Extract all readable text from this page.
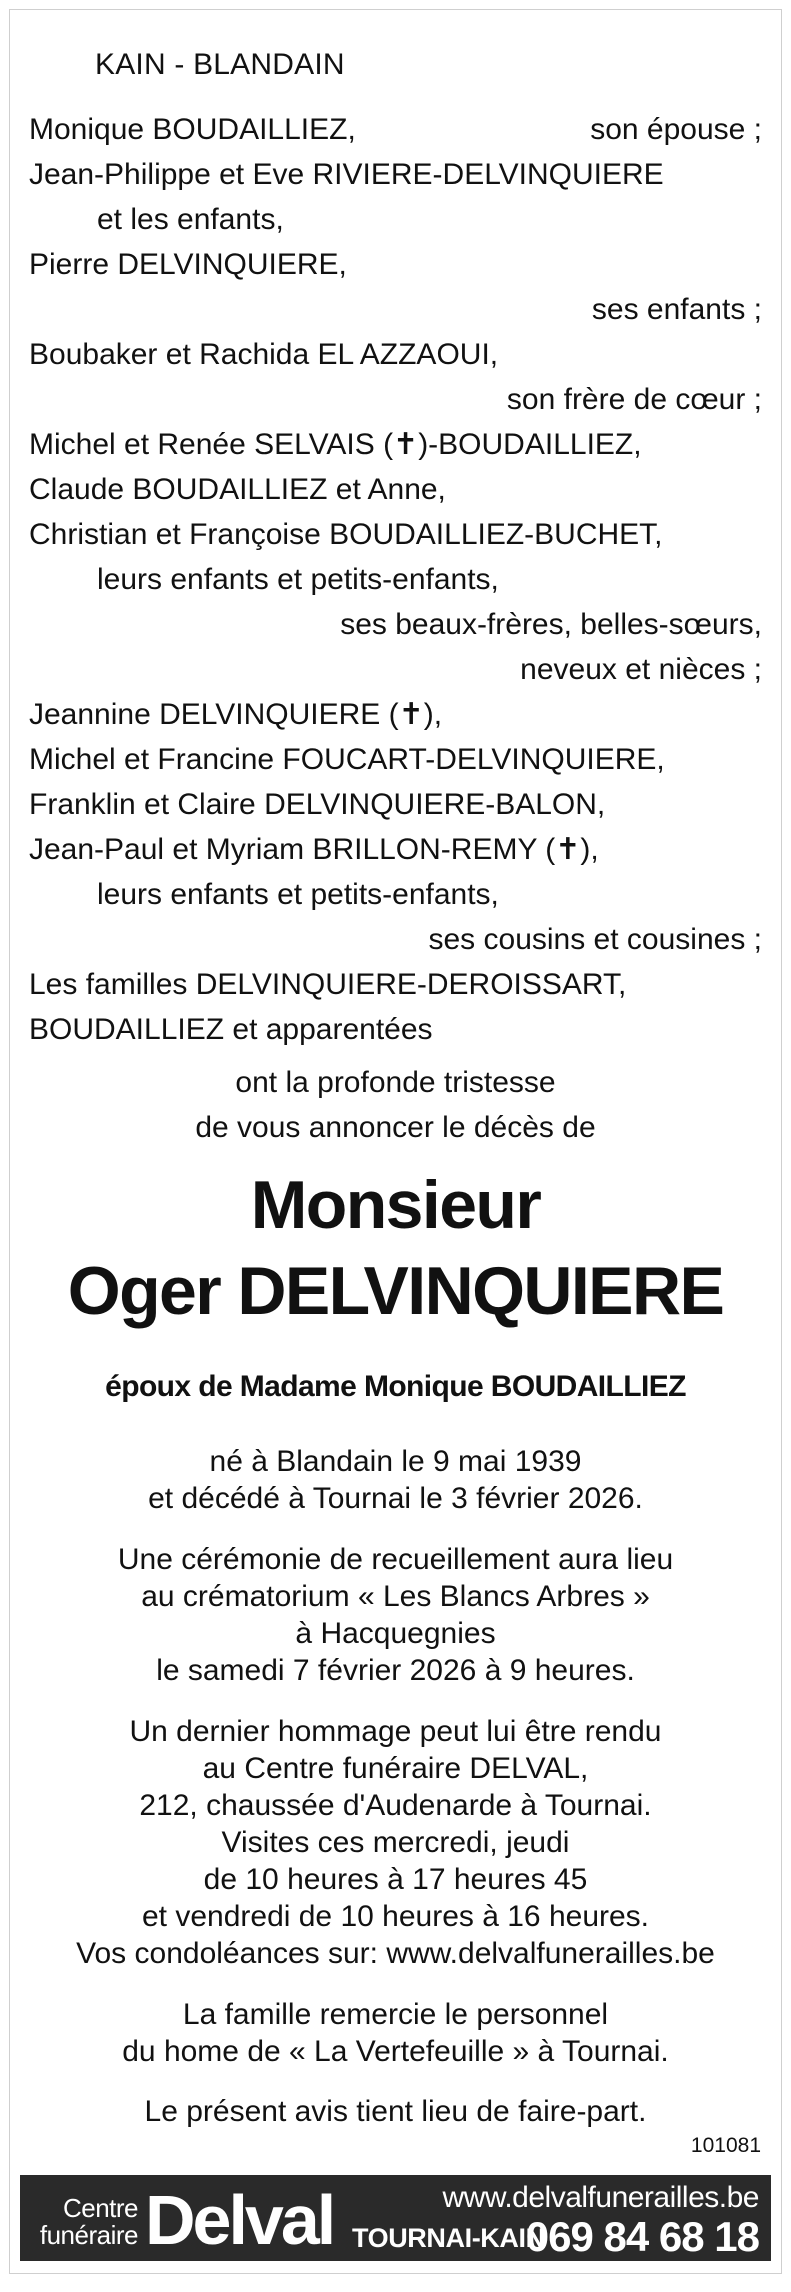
KAIN - BLANDAIN
Monique BOUDAILLIEZ,	son épouse ;
Jean-Philippe et Eve RIVIERE-DELVINQUIERE
et les enfants,
Pierre DELVINQUIERE,
ses enfants ;
Boubaker et Rachida EL AZZAOUI,
son frère de cœur ;
Michel et Renée SELVAIS (✝)-BOUDAILLIEZ,
Claude BOUDAILLIEZ et Anne,
Christian et Françoise BOUDAILLIEZ-BUCHET,
leurs enfants et petits-enfants,
ses beaux-frères, belles-sœurs,
neveux et nièces ;
Jeannine DELVINQUIERE (✝),
Michel et Francine FOUCART-DELVINQUIERE,
Franklin et Claire DELVINQUIERE-BALON,
Jean-Paul et Myriam BRILLON-REMY (✝),
leurs enfants et petits-enfants,
ses cousins et cousines ;
Les familles DELVINQUIERE-DEROISSART,
BOUDAILLIEZ et apparentées
ont la profonde tristesse
de vous annoncer le décès de
Monsieur
Oger DELVINQUIERE
époux de Madame Monique BOUDAILLIEZ
né à Blandain le 9 mai 1939
et décédé à Tournai le 3 février 2026.
Une cérémonie de recueillement aura lieu
au crématorium « Les Blancs Arbres »
à Hacquegnies
le samedi 7 février 2026 à 9 heures.
Un dernier hommage peut lui être rendu
au Centre funéraire DELVAL,
212, chaussée d'Audenarde à Tournai.
Visites ces mercredi, jeudi
de 10 heures à 17 heures 45
et vendredi de 10 heures à 16 heures.
Vos condoléances sur: www.delvalfunerailles.be
La famille remercie le personnel
du home de « La Vertefeuille » à Tournai.
Le présent avis tient lieu de faire-part.
101081
Centre
funéraire Delval	www.delvalfunerailles.be
TOURNAI-KAIN
069 84 68 18
